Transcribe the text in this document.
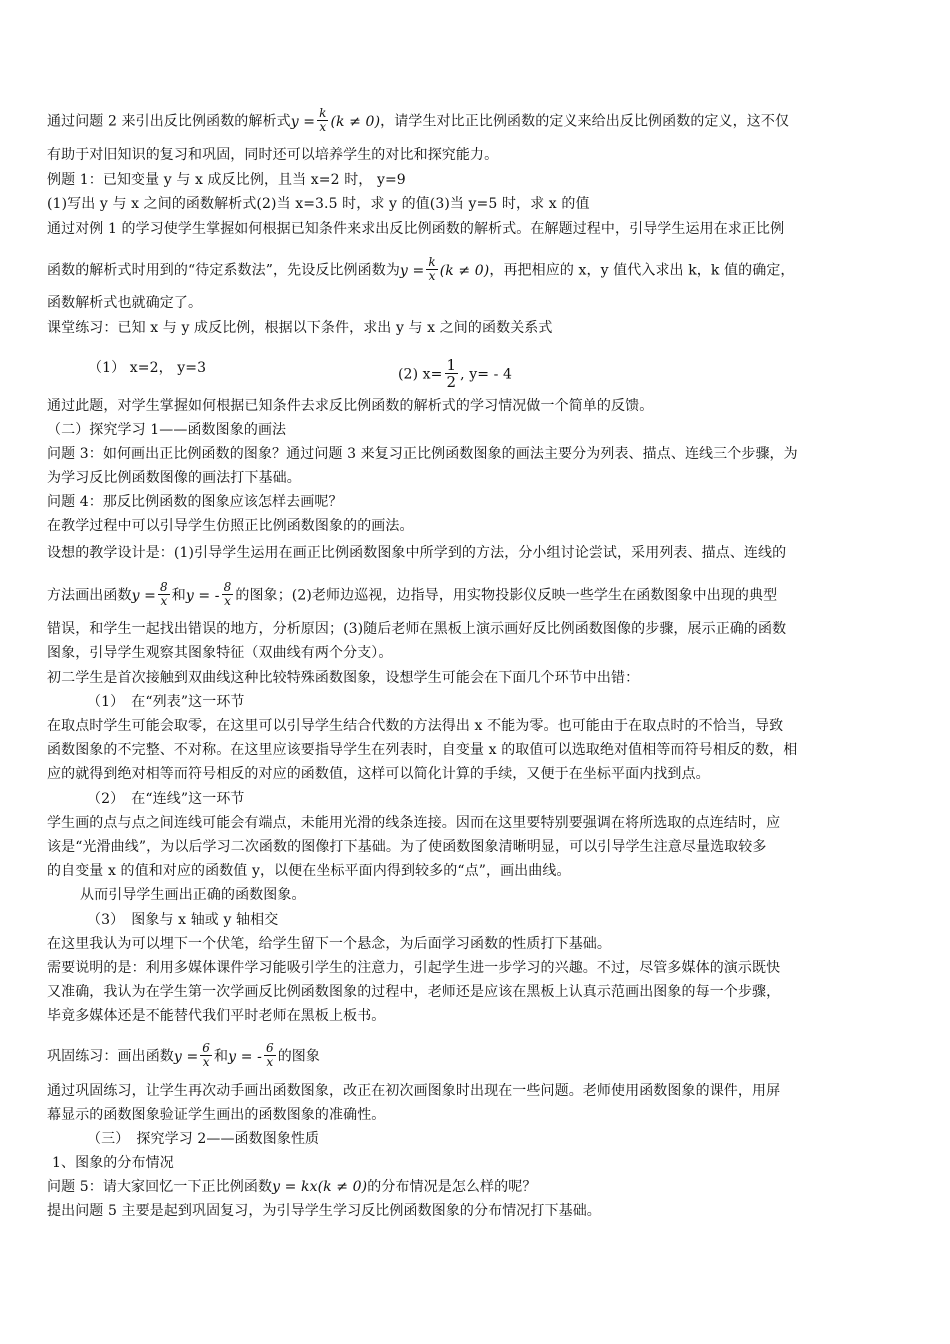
通过问题 2 来引出反比例函数的解析式$y = \frac{k}{x} (k \ne 0)$，请学生对比正比例函数的定义来给出反比例函数的定义，这不仅
有助于对旧知识的复习和巩固，同时还可以培养学生的对比和探究能力。
例题 1：已知变量 y 与 x 成反比例，且当 x=2 时， y=9
(1)写出 y 与 x 之间的函数解析式(2)当 x=3.5 时，求 y 的值(3)当 y=5 时，求 x 的值
通过对例 1 的学习使学生掌握如何根据已知条件来求出反比例函数的解析式。在解题过程中，引导学生运用在求正比例
函数的解析式时用到的“待定系数法”，先设反比例函数为$y = \frac{k}{x} (k \ne 0)$，再把相应的 x，y 值代入求出 k，k 值的确定，
函数解析式也就确定了。
课堂练习：已知 x 与 y 成反比例，根据以下条件，求出 y 与 x 之间的函数关系式
（1） x=2， y=3	(2) $x= \frac{1}{2}$ , y= - 4
通过此题，对学生掌握如何根据已知条件去求反比例函数的解析式的学习情况做一个简单的反馈。
（二）探究学习 1——函数图象的画法
问题 3：如何画出正比例函数的图象？通过问题 3 来复习正比例函数图象的画法主要分为列表、描点、连线三个步骤，为
为学习反比例函数图像的画法打下基础。
问题 4：那反比例函数的图象应该怎样去画呢？
在教学过程中可以引导学生仿照正比例函数图象的的画法。
设想的教学设计是：(1)引导学生运用在画正比例函数图象中所学到的方法，分小组讨论尝试，采用列表、描点、连线的
方法画出函数$y = \frac{8}{x}$ 和y = - $\frac{8}{x}$ 的图象；(2)老师边巡视，边指导，用实物投影仪反映一些学生在函数图象中出现的典型
错误，和学生一起找出错误的地方，分析原因；(3)随后老师在黑板上演示画好反比例函数图像的步骤，展示正确的函数
图象，引导学生观察其图象特征（双曲线有两个分支）。
初二学生是首次接触到双曲线这种比较特殊函数图象，设想学生可能会在下面几个环节中出错：
（1）　在“列表”这一环节
在取点时学生可能会取零，在这里可以引导学生结合代数的方法得出 x 不能为零。也可能由于在取点时的不恰当，导致
函数图象的不完整、不对称。在这里应该要指导学生在列表时，自变量 x 的取值可以选取绝对值相等而符号相反的数，相
应的就得到绝对相等而符号相反的对应的函数值，这样可以简化计算的手续，又便于在坐标平面内找到点。
（2）　在“连线”这一环节
学生画的点与点之间连线可能会有端点，未能用光滑的线条连接。因而在这里要特别要强调在将所选取的点连结时，应
该是“光滑曲线”，为以后学习二次函数的图像打下基础。为了使函数图象清晰明显，可以引导学生注意尽量选取较多
的自变量 x 的值和对应的函数值 y，以便在坐标平面内得到较多的“点”，画出曲线。
从而引导学生画出正确的函数图象。
（3）　图象与 x 轴或 y 轴相交
在这里我认为可以埋下一个伏笔，给学生留下一个悬念，为后面学习函数的性质打下基础。
需要说明的是：利用多媒体课件学习能吸引学生的注意力，引起学生进一步学习的兴趣。不过，尽管多媒体的演示既快
又准确，我认为在学生第一次学画反比例函数图象的过程中，老师还是应该在黑板上认真示范画出图象的每一个步骤，
毕竟多媒体还是不能替代我们平时老师在黑板上板书。
巩固练习：画出函数$y = \frac{6}{x}$ 和y = - $\frac{6}{x}$ 的图象
通过巩固练习，让学生再次动手画出函数图象，改正在初次画图象时出现在一些问题。老师使用函数图象的课件，用屏
幕显示的函数图象验证学生画出的函数图象的准确性。
（三）　探究学习 2——函数图象性质
1、图象的分布情况
问题 5：请大家回忆一下正比例函数y = kx(k ≠ 0)的分布情况是怎么样的呢？
提出问题 5 主要是起到巩固复习，为引导学生学习反比例函数图象的分布情况打下基础。
